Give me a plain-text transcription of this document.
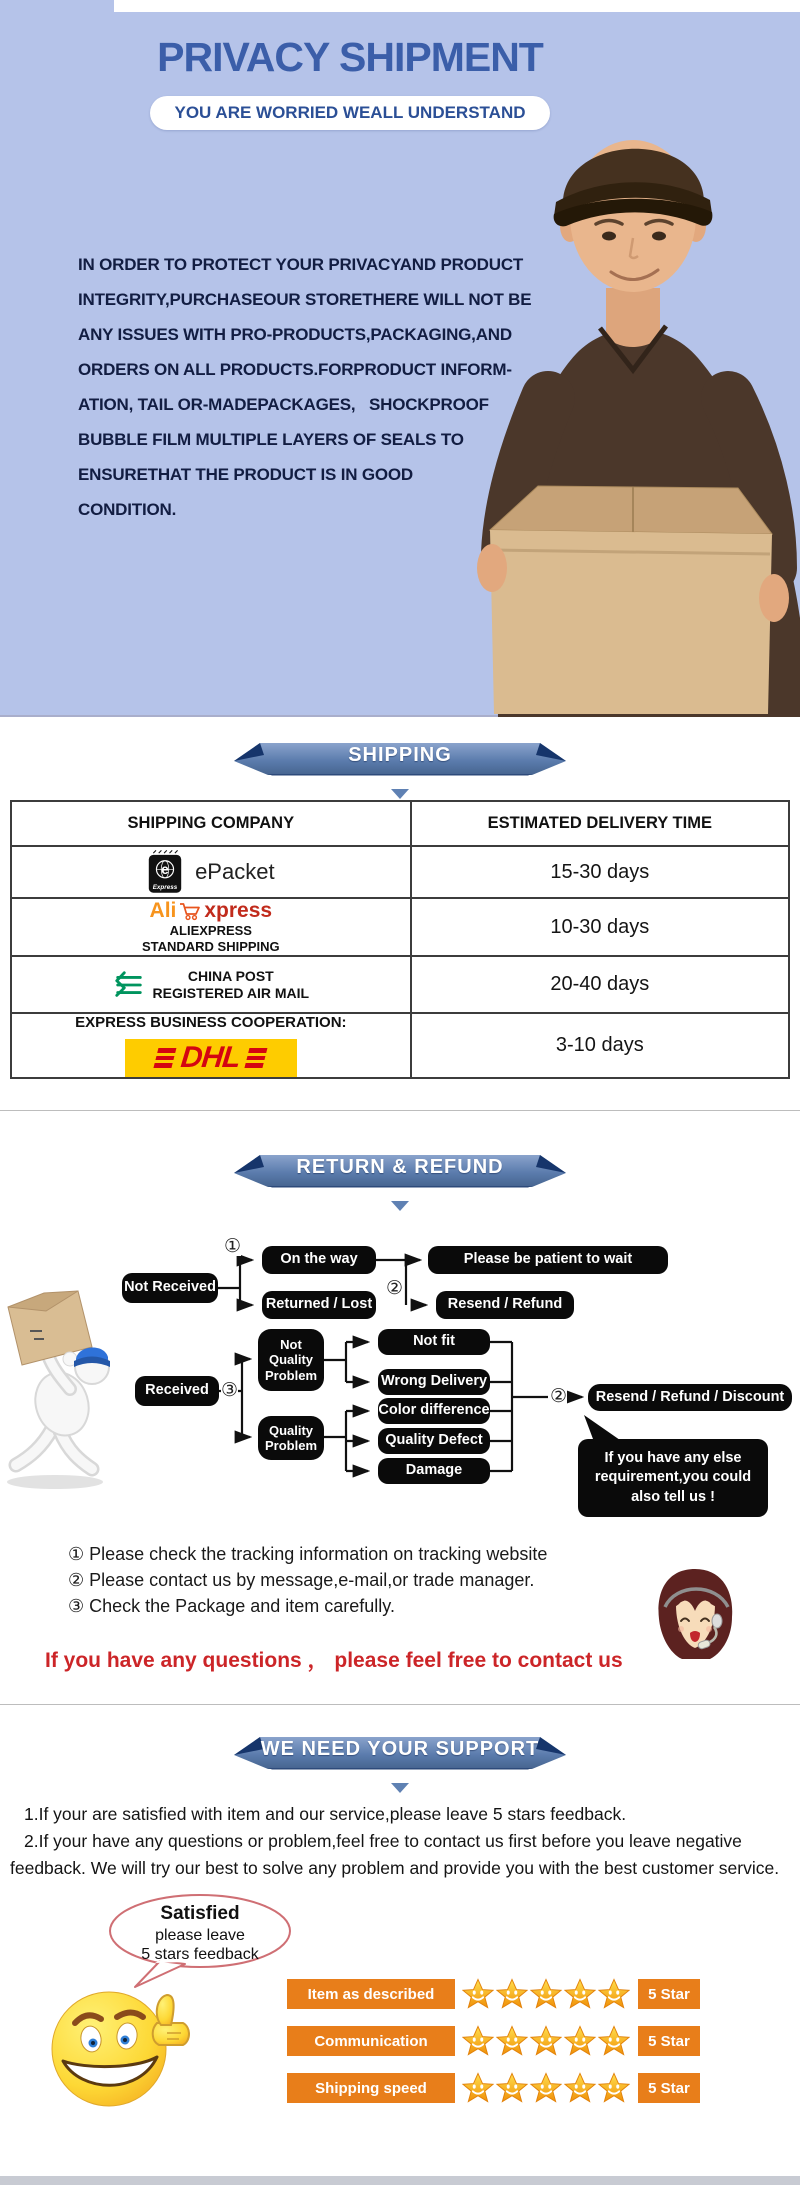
PRIVACY SHIPMENT
YOU ARE WORRIED WEALL UNDERSTAND
IN ORDER TO PROTECT YOUR PRIVACYAND PRODUCT
INTEGRITY,PURCHASEOUR STORETHERE WILL NOT BE
ANY ISSUES WITH PRO-PRODUCTS,PACKAGING,AND
ORDERS ON ALL PRODUCTS.FORPRODUCT INFORM-
ATION, TAIL OR-MADEPACKAGES,   SHOCKPROOF
BUBBLE FILM MULTIPLE LAYERS OF SEALS TO
ENSURETHAT THE PRODUCT IS IN GOOD
CONDITION.
SHIPPING
SHIPPING COMPANY	ESTIMATED DELIVERY TIME
e
Express
ePacket	15-30 days
Ali xpress
ALIEXPRESS
STANDARD SHIPPING
10-30 days
CHINA POST
REGISTERED AIR MAIL	20-40 days
EXPRESS BUSINESS COOPERATION:
DHL	3-10 days
RETURN & REFUND
Not Received
①
On the way	Please be patient to wait
Returned / Lost
②
Resend / Refund
Received ③
Not Quality Problem
Quality Problem
Not fit
Wrong Delivery
Color difference
Quality Defect
Damage
②	Resend / Refund / Discount
If you have any else
requirement,you could
also tell us !
① Please check the tracking information on tracking website
② Please contact us by message,e-mail,or trade manager.
③ Check the Package and item carefully.
If you have any questions ， please feel free to contact us
WE NEED YOUR SUPPORT
1.If your are satisfied with item and our service,please leave 5 stars feedback.
2.If your have any questions or problem,feel free to contact us first before you leave negative
feedback. We will try our best to solve any problem and provide you with the best customer service.
Satisfied
please leave
5 stars feedback
Item as described	5 Star
Communication	5 Star
Shipping speed	5 Star
